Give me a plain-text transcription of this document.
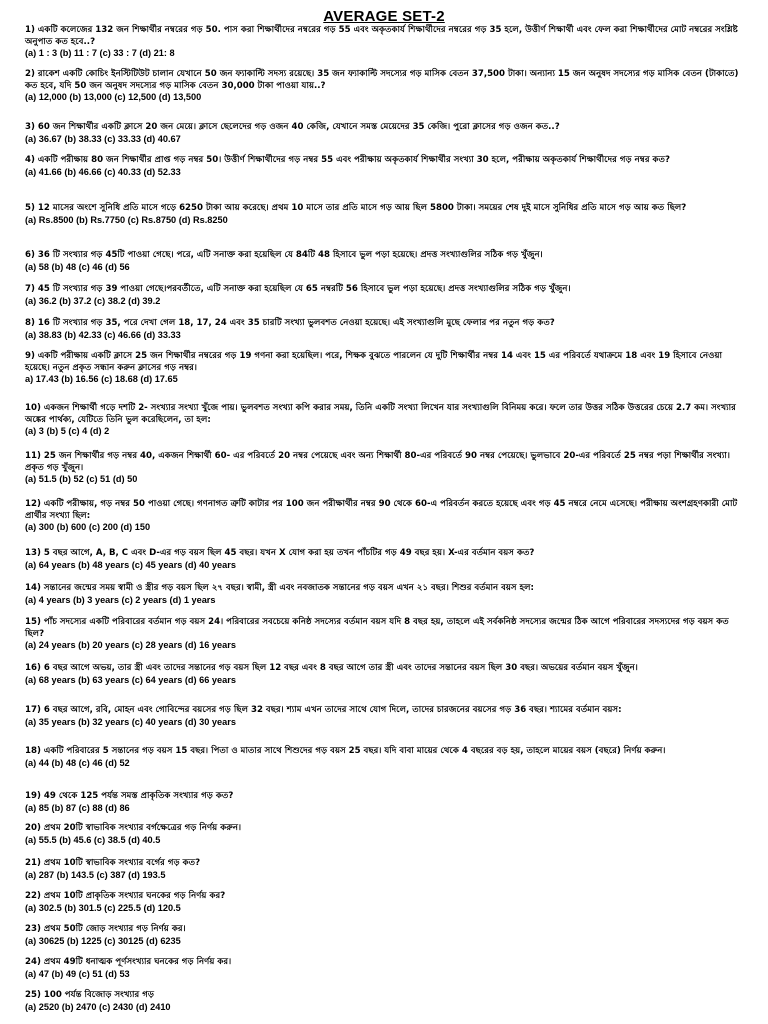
AVERAGE SET-2
1) একটি কলেজের 132 জন শিক্ষার্থীর নম্বরের গড় 50. পাস করা শিক্ষার্থীদের নম্বরের গড় 55 এবং অকৃতকার্য শিক্ষার্থীদের নম্বরের গড় 35 হলে, উত্তীর্ণ শিক্ষার্থী এবং ফেল করা শিক্ষার্থীদের মোট নম্বরের সংশ্লিষ্ট অনুপাত কত হবে..?
(a) 1 : 3 (b) 11 : 7 (c) 33 : 7 (d) 21: 8
2) রাকেশ একটি কোচিং ইনস্টিটিউট চালান যেখানে 50 জন ফ্যাকাল্টি সদস্য রয়েছে। 35 জন ফ্যাকাল্টি সদস্যের গড় মাসিক বেতন 37,500 টাকা। অন্যান্য 15 জন অনুষদ সদস্যের গড় মাসিক বেতন (টাকাতে) কত হবে, যদি 50 জন অনুষদ সদস্যের গড় মাসিক বেতন 30,000 টাকা পাওয়া যায়..?
(a) 12,000 (b) 13,000 (c) 12,500 (d) 13,500
3) 60 জন শিক্ষার্থীর একটি ক্লাসে 20 জন মেয়ে। ক্লাসে ছেলেদের গড় ওজন 40 কেজি, যেখানে সমস্ত মেয়েদের 35 কেজি। পুরো ক্লাসের গড় ওজন কত..?
(a) 36.67 (b) 38.33 (c) 33.33 (d) 40.67
4) একটি পরীক্ষায় 80 জন শিক্ষার্থীর প্রাপ্ত গড় নম্বর 50। উত্তীর্ণ শিক্ষার্থীদের গড় নম্বর 55 এবং পরীক্ষায় অকৃতকার্য শিক্ষার্থীর সংখ্যা 30 হলে, পরীক্ষায় অকৃতকার্য শিক্ষার্থীদের গড় নম্বর কত?
(a) 41.66 (b) 46.66 (c) 40.33 (d) 52.33
5) 12 মাসের অংশে সুনিধি প্রতি মাসে গড়ে 6250 টাকা আয় করেছে। প্রথম 10 মাসে তার প্রতি মাসে গড় আয় ছিল 5800 টাকা। সময়ের শেষ দুই মাসে সুনিধির প্রতি মাসে গড় আয় কত ছিল?
(a) Rs.8500 (b) Rs.7750 (c) Rs.8750 (d) Rs.8250
6) 36 টি সংখ্যার গড় 45টি পাওয়া গেছে। পরে, এটি সনাক্ত করা হয়েছিল যে 84টি 48 হিসাবে ভুল পড়া হয়েছে। প্রদত্ত সংখ্যাগুলির সঠিক গড় খুঁজুন।
(a) 58 (b) 48 (c) 46 (d) 56
7) 45 টি সংখ্যার গড় 39 পাওয়া গেছে।পরবর্তীতে, এটি সনাক্ত করা হয়েছিল যে 65 নম্বরটি 56 হিসাবে ভুল পড়া হয়েছে। প্রদত্ত সংখ্যাগুলির সঠিক গড় খুঁজুন।
(a) 36.2 (b) 37.2 (c) 38.2 (d) 39.2
8) 16 টি সংখ্যার গড় 35, পরে দেখা গেল 18, 17, 24 এবং 35 চারটি সংখ্যা ভুলবশত নেওয়া হয়েছে। এই সংখ্যাগুলি মুছে ফেলার পর নতুন গড় কত?
(a) 38.83 (b) 42.33 (c) 46.66 (d) 33.33
9) একটি পরীক্ষায় একটি ক্লাসে 25 জন শিক্ষার্থীর নম্বরের গড় 19 গণনা করা হয়েছিল। পরে, শিক্ষক বুঝতে পারলেন যে দুটি শিক্ষার্থীর নম্বর 14 এবং 15 এর পরিবর্তে যথাক্রমে 18 এবং 19 হিসাবে নেওয়া হয়েছে। নতুন প্রকৃত সন্ধান করুন ক্লাসের গড় নম্বর।
a) 17.43 (b) 16.56 (c) 18.68 (d) 17.65
10) একজন শিক্ষার্থী গড়ে দশটি 2- সংখ্যার সংখ্যা খুঁজে পায়। ভুলবশত সংখ্যা কপি করার সময়, তিনি একটি সংখ্যা লিখেন যার সংখ্যাগুলি বিনিময় করে। ফলে তার উত্তর সঠিক উত্তরের চেয়ে 2.7 কম। সংখ্যার অঙ্কের পার্থক্য, যেটিতে তিনি ভুল করেছিলেন, তা হল:
(a) 3 (b) 5 (c) 4 (d) 2
11) 25 জন শিক্ষার্থীর গড় নম্বর 40, একজন শিক্ষার্থী 60- এর পরিবর্তে 20 নম্বর পেয়েছে এবং অন্য শিক্ষার্থী 80-এর পরিবর্তে 90 নম্বর পেয়েছে। ভুলভাবে 20-এর পরিবর্তে 25 নম্বর পড়া শিক্ষার্থীর সংখ্যা। প্রকৃত গড় খুঁজুন।
(a) 51.5 (b) 52 (c) 51 (d) 50
12) একটি পরীক্ষায়, গড় নম্বর 50 পাওয়া গেছে। গণনাগত ত্রুটি কাটার পর 100 জন পরীক্ষার্থীর নম্বর 90 থেকে 60-এ পরিবর্তন করতে হয়েছে এবং গড় 45 নম্বরে নেমে এসেছে। পরীক্ষায় অংশগ্রহণকারী মোট প্রার্থীর সংখ্যা ছিল:
(a) 300 (b) 600 (c) 200 (d) 150
13) 5 বছর আগে, A, B, C এবং D-এর গড় বয়স ছিল 45 বছর। যখন X যোগ করা হয় তখন পাঁচটির গড় 49 বছর হয়। X-এর বর্তমান বয়স কত?
(a) 64 years (b) 48 years (c) 45 years (d) 40 years
14) সন্তানের জন্মের সময় স্বামী ও স্ত্রীর গড় বয়স ছিল ২৭ বছর। স্বামী, স্ত্রী এবং নবজাতক সন্তানের গড় বয়স এখন ২১ বছর। শিশুর বর্তমান বয়স হল:
(a) 4 years (b) 3 years (c) 2 years (d) 1 years
15) পাঁচ সদস্যের একটি পরিবারের বর্তমান গড় বয়স 24। পরিবারের সবচেয়ে কনিষ্ঠ সদস্যের বর্তমান বয়স যদি 8 বছর হয়, তাহলে এই সর্বকনিষ্ঠ সদস্যের জন্মের ঠিক আগে পরিবারের সদস্যদের গড় বয়স কত ছিল?
(a) 24 years (b) 20 years (c) 28 years (d) 16 years
16) 6 বছর আগে অভয়, তার স্ত্রী এবং তাদের সন্তানের গড় বয়স ছিল 12 বছর এবং 8 বছর আগে তার স্ত্রী এবং তাদের সন্তানের বয়স ছিল 30 বছর। অভয়ের বর্তমান বয়স খুঁজুন।
(a) 68 years (b) 63 years (c) 64 years (d) 66 years
17) 6 বছর আগে, রবি, মোহন এবং গোবিন্দের বয়সের গড় ছিল 32 বছর। শ্যাম এখন তাদের সাথে যোগ দিলে, তাদের চারজনের বয়সের গড় 36 বছর। শ্যামের বর্তমান বয়স:
(a) 35 years (b) 32 years (c) 40 years (d) 30 years
18) একটি পরিবারের 5 সন্তানের গড় বয়স 15 বছর। পিতা ও মাতার সাথে শিশুদের গড় বয়স 25 বছর। যদি বাবা মায়ের থেকে 4 বছরের বড় হয়, তাহলে মায়ের বয়স (বছরে) নির্ণয় করুন।
(a) 44 (b) 48 (c) 46 (d) 52
19) 49 থেকে 125 পর্যন্ত সমস্ত প্রাকৃতিক সংখ্যার গড় কত?
(a) 85 (b) 87 (c) 88 (d) 86
20) প্রথম 20টি স্বাভাবিক সংখ্যার বর্গক্ষেত্রের গড় নির্ণয় করুন।
(a) 55.5 (b) 45.6 (c) 38.5 (d) 40.5
21) প্রথম 10টি স্বাভাবিক সংখ্যার বর্গের গড় কত?
(a) 287 (b) 143.5 (c) 387 (d) 193.5
22) প্রথম 10টি প্রাকৃতিক সংখ্যার ঘনকের গড় নির্ণয় কর?
(a) 302.5 (b) 301.5 (c) 225.5 (d) 120.5
23) প্রথম 50টি জোড় সংখ্যার গড় নির্ণয় কর।
(a) 30625 (b) 1225 (c) 30125 (d) 6235
24) প্রথম 49টি ধনাত্মক পূর্ণসংখ্যার ঘনকের গড় নির্ণয় কর।
(a) 47 (b) 49 (c) 51 (d) 53
25) 100 পর্যন্ত বিজোড় সংখ্যার গড়
(a) 2520 (b) 2470 (c) 2430 (d) 2410
